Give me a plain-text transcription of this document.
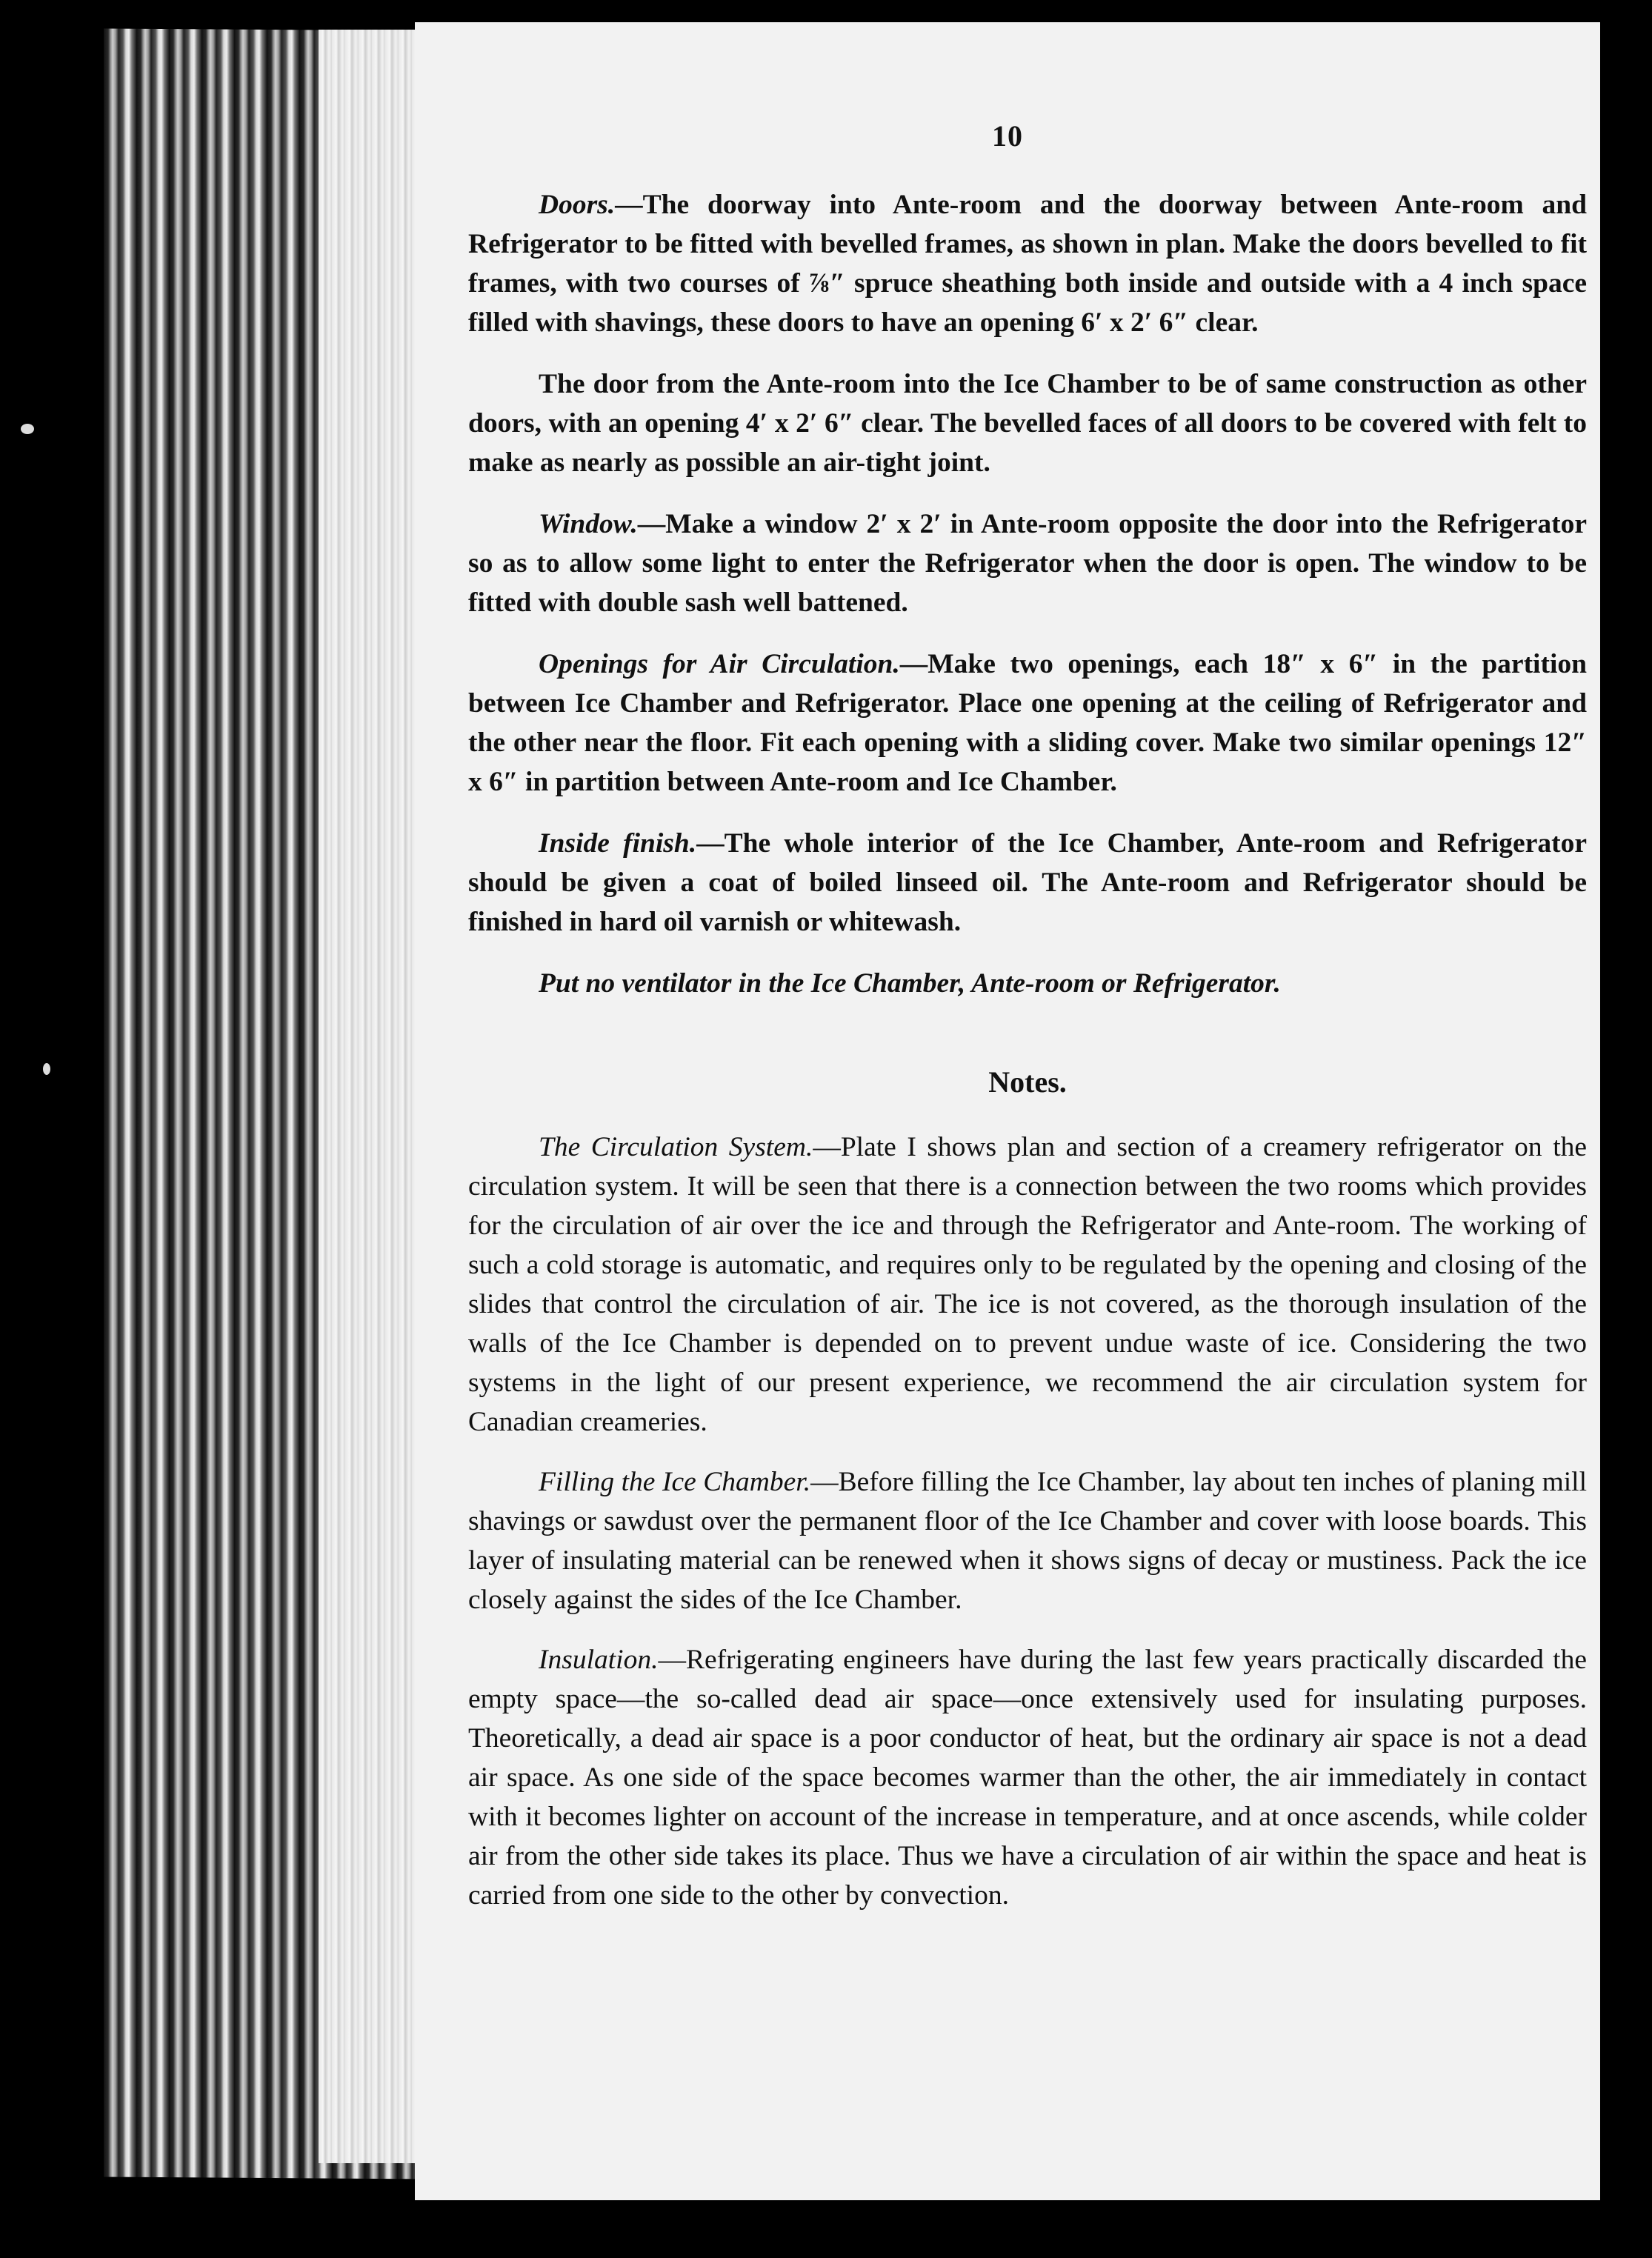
10

Doors.—The doorway into Ante-room and the doorway between Ante-room and Refrigerator to be fitted with bevelled frames, as shown in plan. Make the doors bevelled to fit frames, with two courses of ⅞″ spruce sheathing both inside and outside with a 4 inch space filled with shavings, these doors to have an opening 6′ x 2′ 6″ clear.

The door from the Ante-room into the Ice Chamber to be of same construction as other doors, with an opening 4′ x 2′ 6″ clear. The bevelled faces of all doors to be covered with felt to make as nearly as possible an air-tight joint.

Window.—Make a window 2′ x 2′ in Ante-room opposite the door into the Refrigerator so as to allow some light to enter the Refrigerator when the door is open. The window to be fitted with double sash well battened.

Openings for Air Circulation.—Make two openings, each 18″ x 6″ in the partition between Ice Chamber and Refrigerator. Place one opening at the ceiling of Refrigerator and the other near the floor. Fit each opening with a sliding cover. Make two similar openings 12″ x 6″ in partition between Ante-room and Ice Chamber.

Inside finish.—The whole interior of the Ice Chamber, Ante-room and Refrigerator should be given a coat of boiled linseed oil. The Ante-room and Refrigerator should be finished in hard oil varnish or whitewash.

Put no ventilator in the Ice Chamber, Ante-room or Refrigerator.

Notes.

The Circulation System.—Plate I shows plan and section of a creamery refrigerator on the circulation system. It will be seen that there is a connection between the two rooms which provides for the circulation of air over the ice and through the Refrigerator and Ante-room. The working of such a cold storage is automatic, and requires only to be regulated by the opening and closing of the slides that control the circulation of air. The ice is not covered, as the thorough insulation of the walls of the Ice Chamber is depended on to prevent undue waste of ice. Considering the two systems in the light of our present experience, we recommend the air circulation system for Canadian creameries.

Filling the Ice Chamber.—Before filling the Ice Chamber, lay about ten inches of planing mill shavings or sawdust over the permanent floor of the Ice Chamber and cover with loose boards. This layer of insulating material can be renewed when it shows signs of decay or mustiness. Pack the ice closely against the sides of the Ice Chamber.

Insulation.—Refrigerating engineers have during the last few years practically discarded the empty space—the so-called dead air space—once extensively used for insulating purposes. Theoretically, a dead air space is a poor conductor of heat, but the ordinary air space is not a dead air space. As one side of the space becomes warmer than the other, the air immediately in contact with it becomes lighter on account of the increase in temperature, and at once ascends, while colder air from the other side takes its place. Thus we have a circulation of air within the space and heat is carried from one side to the other by convection.
